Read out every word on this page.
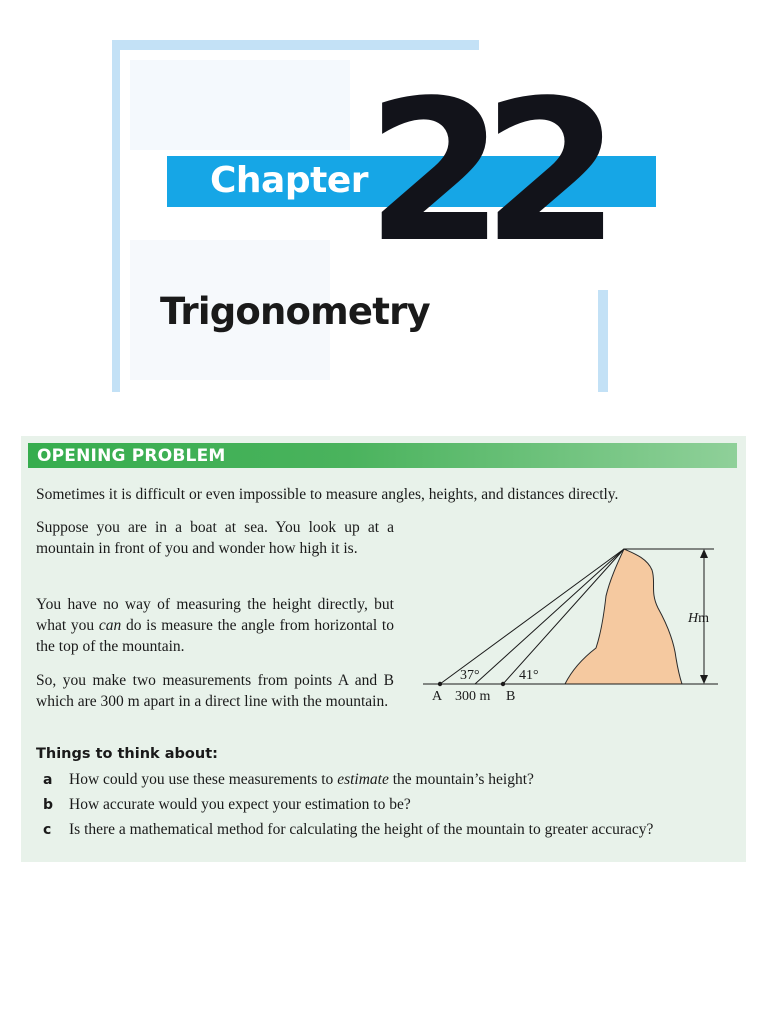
22
Chapter
Trigonometry
OPENING PROBLEM

Sometimes it is difficult or even impossible to measure angles, heights, and distances directly.

Suppose you are in a boat at sea. You look up at a mountain in front of you and wonder how high it is.

You have no way of measuring the height directly, but what you can do is measure the angle from horizontal to the top of the mountain.

So, you make two measurements from points A and B which are 300 m apart in a direct line with the mountain.

37°	41°
A 300 m B
Hm
Things to think about:
a How could you use these measurements to estimate the mountain’s height?
b How accurate would you expect your estimation to be?
c Is there a mathematical method for calculating the height of the mountain to greater accuracy?
